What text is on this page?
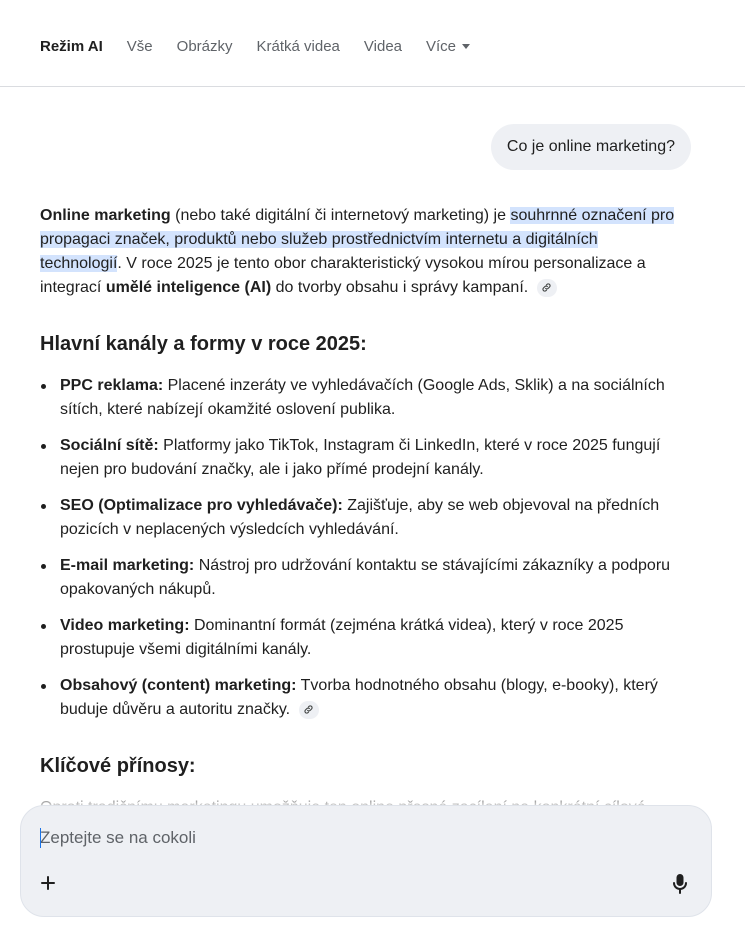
Režim AI Vše Obrázky Krátká videa Videa Více
Co je online marketing?

Online marketing (nebo také digitální či internetový marketing) je souhrnné označení pro propagaci značek, produktů nebo služeb prostřednictvím internetu a digitálních technologií. V roce 2025 je tento obor charakteristický vysokou mírou personalizace a integrací umělé inteligence (AI) do tvorby obsahu i správy kampaní.

Hlavní kanály a formy v roce 2025:
PPC reklama: Placené inzeráty ve vyhledávačích (Google Ads, Sklik) a na sociálních sítích, které nabízejí okamžité oslovení publika.
Sociální sítě: Platformy jako TikTok, Instagram či LinkedIn, které v roce 2025 fungují nejen pro budování značky, ale i jako přímé prodejní kanály.
SEO (Optimalizace pro vyhledávače): Zajišťuje, aby se web objevoval na předních pozicích v neplacených výsledcích vyhledávání.
E-mail marketing: Nástroj pro udržování kontaktu se stávajícími zákazníky a podporu opakovaných nákupů.
Video marketing: Dominantní formát (zejména krátká videa), který v roce 2025 prostupuje všemi digitálními kanály.
Obsahový (content) marketing: Tvorba hodnotného obsahu (blogy, e-booky), který buduje důvěru a autoritu značky.
Klíčové přínosy:

Zeptejte se na cokoli
